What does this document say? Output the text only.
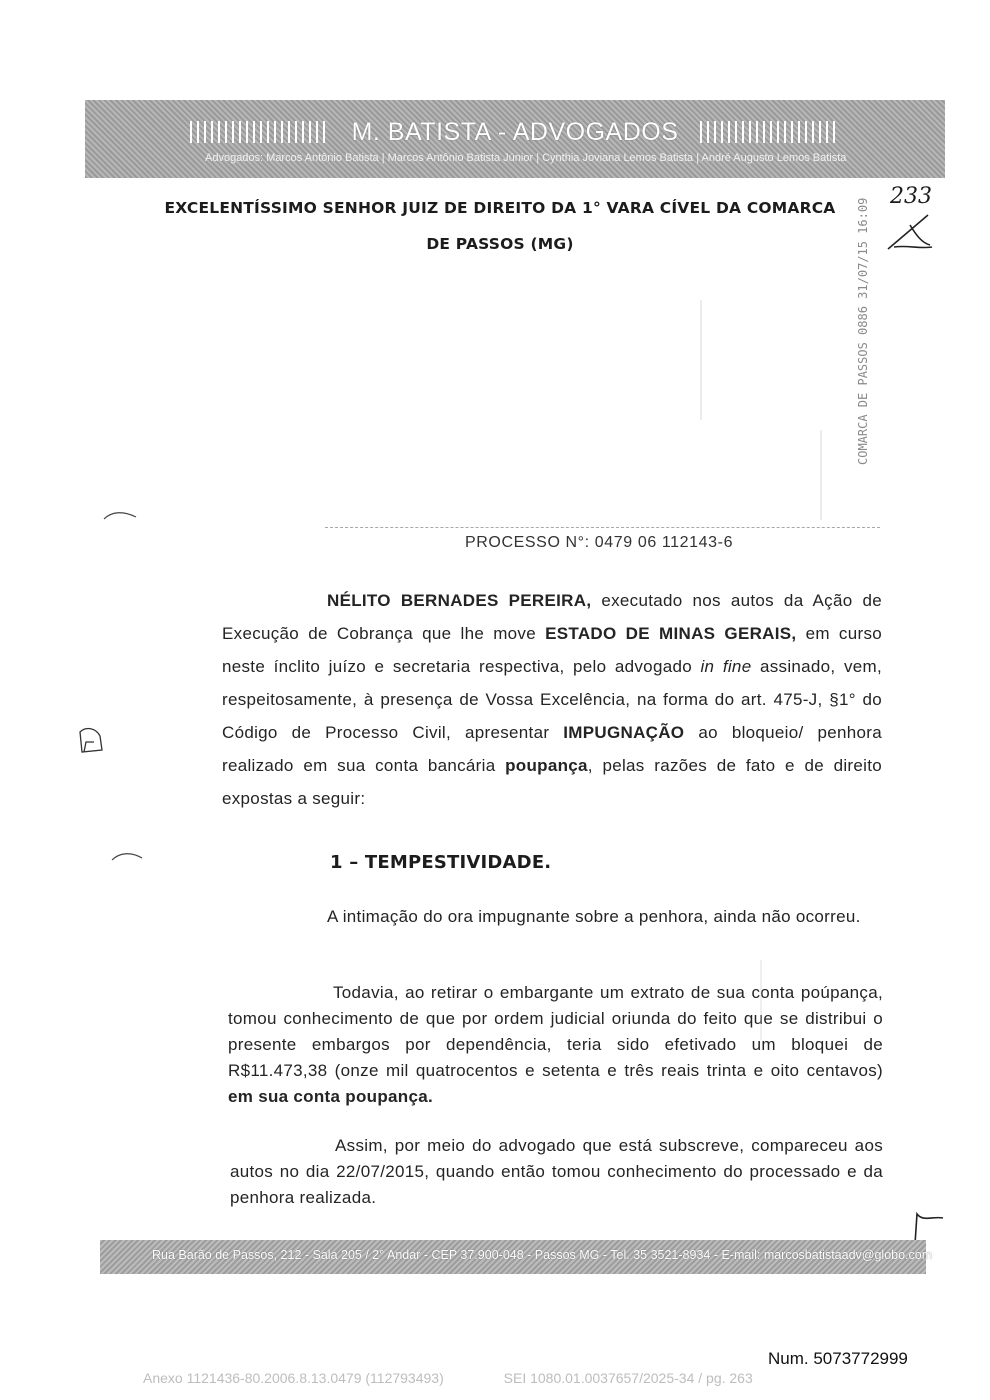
M. BATISTA - ADVOGADOS
Advogados: Marcos Antônio Batista | Marcos Antônio Batista Júnior | Cynthia Joviana Lemos Batista | André Augusto Lemos Batista
EXCELENTÍSSIMO SENHOR JUIZ DE DIREITO DA 1° VARA CÍVEL DA COMARCA
DE PASSOS (MG)
233
COMARCA DE PASSOS 0886 31/07/15 16:09
PROCESSO N°: 0479 06 112143-6
NÉLITO BERNADES PEREIRA, executado nos autos da Ação de Execução de Cobrança que lhe move ESTADO DE MINAS GERAIS, em curso neste ínclito juízo e secretaria respectiva, pelo advogado in fine assinado, vem, respeitosamente, à presença de Vossa Excelência, na forma do art. 475-J, §1° do Código de Processo Civil, apresentar IMPUGNAÇÃO ao bloqueio/ penhora realizado em sua conta bancária poupança, pelas razões de fato e de direito expostas a seguir:
1 – TEMPESTIVIDADE.
A intimação do ora impugnante sobre a penhora, ainda não ocorreu.
Todavia, ao retirar o embargante um extrato de sua conta poúpança, tomou conhecimento de que por ordem judicial oriunda do feito que se distribui o presente embargos por dependência, teria sido efetivado um bloquei de R$11.473,38 (onze mil quatrocentos e setenta e três reais trinta e oito centavos) em sua conta poupança.
Assim, por meio do advogado que está subscreve, compareceu aos autos no dia 22/07/2015, quando então tomou conhecimento do processado e da penhora realizada.
Rua Barão de Passos, 212 - Sala 205 / 2° Andar - CEP 37.900-048 - Passos MG - Tel. 35 3521-8934 - E-mail: marcosbatistaadv@globo.com
Num. 5073772999
Anexo 1121436-80.2006.8.13.0479 (112793493)	SEI 1080.01.0037657/2025-34 / pg. 263
